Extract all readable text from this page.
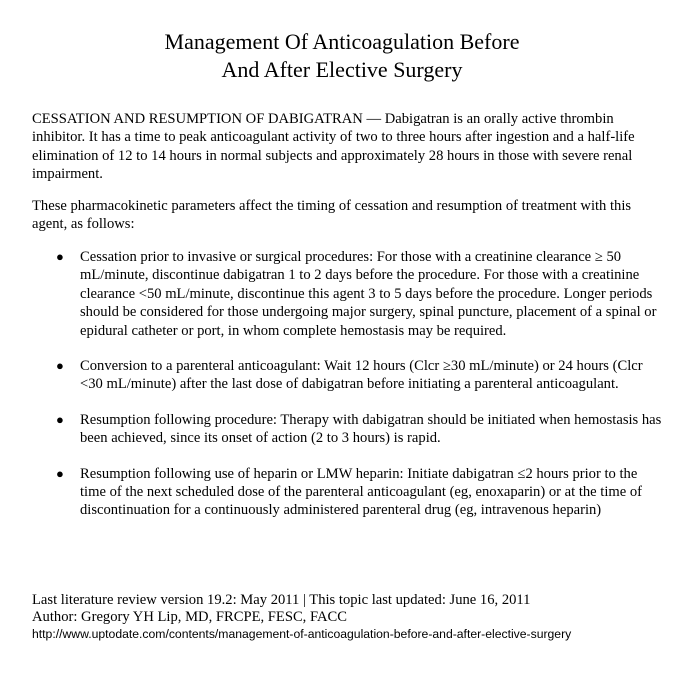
Management Of Anticoagulation Before
And After Elective Surgery

CESSATION AND RESUMPTION OF DABIGATRAN — Dabigatran is an orally active thrombin inhibitor. It has a time to peak anticoagulant activity of two to three hours after ingestion and a half-life elimination of 12 to 14 hours in normal subjects and approximately 28 hours in those with severe renal impairment.

These pharmacokinetic parameters affect the timing of cessation and resumption of treatment with this agent, as follows:

● Cessation prior to invasive or surgical procedures: For those with a creatinine clearance ≥ 50 mL/minute, discontinue dabigatran 1 to 2 days before the procedure. For those with a creatinine clearance <50 mL/minute, discontinue this agent 3 to 5 days before the procedure. Longer periods should be considered for those undergoing major surgery, spinal puncture, placement of a spinal or epidural catheter or port, in whom complete hemostasis may be required.
● Conversion to a parenteral anticoagulant: Wait 12 hours (Clcr ≥30 mL/minute) or 24 hours (Clcr <30 mL/minute) after the last dose of dabigatran before initiating a parenteral anticoagulant.
● Resumption following procedure: Therapy with dabigatran should be initiated when hemostasis has been achieved, since its onset of action (2 to 3 hours) is rapid.
● Resumption following use of heparin or LMW heparin: Initiate dabigatran ≤2 hours prior to the time of the next scheduled dose of the parenteral anticoagulant (eg, enoxaparin) or at the time of discontinuation for a continuously administered parenteral drug (eg, intravenous heparin)
Last literature review version 19.2: May 2011 | This topic last updated: June 16, 2011
Author: Gregory YH Lip, MD, FRCPE, FESC, FACC
http://www.uptodate.com/contents/management-of-anticoagulation-before-and-after-elective-surgery
